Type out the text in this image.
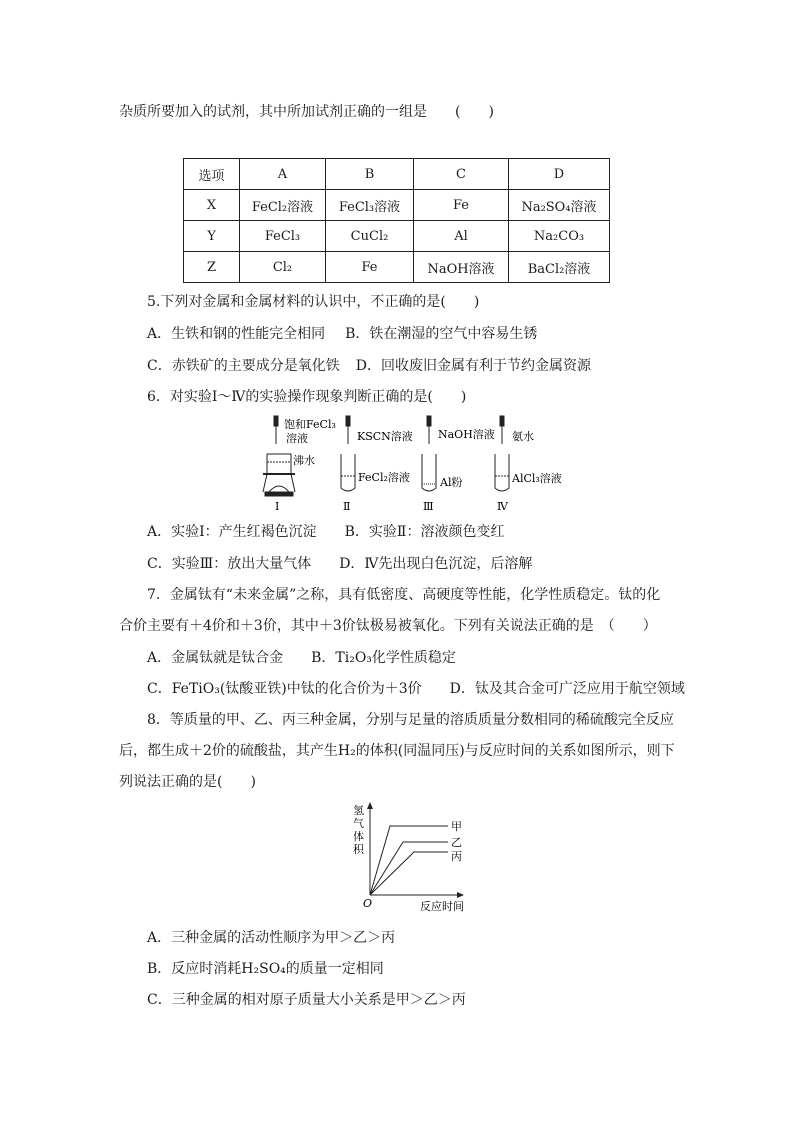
杂质所要加入的试剂，其中所加试剂正确的一组是 (　　)
选项	A	B	C	D
X	FeCl₂溶液	FeCl₃溶液	Fe	Na₂SO₄溶液
Y	FeCl₃	CuCl₂	Al	Na₂CO₃
Z	Cl₂	Fe	NaOH溶液	BaCl₂溶液
5.下列对金属和金属材料的认识中，不正确的是(　　)
A．生铁和钢的性能完全相同 B．铁在潮湿的空气中容易生锈
C．赤铁矿的主要成分是氧化铁 D．回收废旧金属有利于节约金属资源
6．对实验Ⅰ～Ⅳ的实验操作现象判断正确的是(　　)
饱和FeCl₃
溶液
沸水
Ⅰ
KSCN溶液
FeCl₂溶液
Ⅱ
NaOH溶液
Al粉
Ⅲ
氨水
AlCl₃溶液
Ⅳ
A．实验Ⅰ：产生红褐色沉淀　　B．实验Ⅱ：溶液颜色变红
C．实验Ⅲ：放出大量气体　　D．Ⅳ先出现白色沉淀，后溶解
7．金属钛有“未来金属”之称，具有低密度、高硬度等性能，化学性质稳定。钛的化
合价主要有＋4价和＋3价，其中＋3价钛极易被氧化。下列有关说法正确的是　（　　）
A．金属钛就是钛合金　　B．Ti₂O₃化学性质稳定
C．FeTiO₃(钛酸亚铁)中钛的化合价为＋3价　　D．钛及其合金可广泛应用于航空领域
8．等质量的甲、乙、丙三种金属，分别与足量的溶质质量分数相同的稀硫酸完全反应
后，都生成＋2价的硫酸盐，其产生H₂的体积(同温同压)与反应时间的关系如图所示，则下
列说法正确的是(　　)
氢
气
体
积
O	反应时间
甲
乙
丙
A．三种金属的活动性顺序为甲＞乙＞丙
B．反应时消耗H₂SO₄的质量一定相同
C．三种金属的相对原子质量大小关系是甲＞乙＞丙
